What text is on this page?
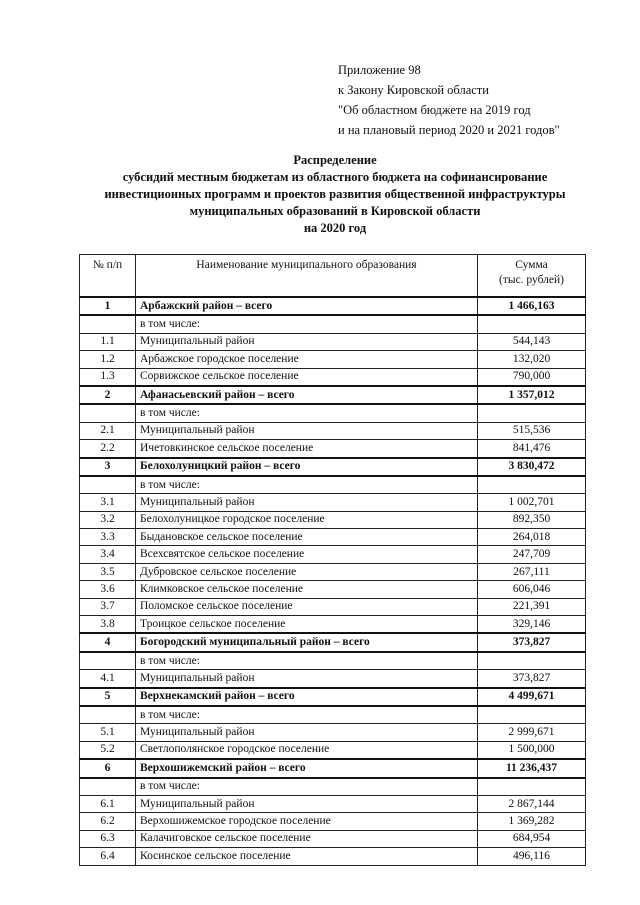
Приложение 98
к Закону Кировской области
"Об областном бюджете на 2019 год
и на плановый период 2020 и 2021 годов"
Распределение
субсидий местным бюджетам из областного бюджета на софинансирование
инвестиционных программ и проектов развития общественной инфраструктуры
муниципальных образований в Кировской области
на 2020 год
№ п/п	Наименование муниципального образования	Сумма
(тыс. рублей)

1	Арбажский район – всего	1 466,163
	в том числе:	
1.1	Муниципальный район	544,143
1.2	Арбажское городское поселение	132,020
1.3	Сорвижское сельское поселение	790,000
2	Афанасьевский район – всего	1 357,012
	в том числе:	
2.1	Муниципальный район	515,536
2.2	Ичетовкинское сельское поселение	841,476
3	Белохолуницкий район – всего	3 830,472
	в том числе:	
3.1	Муниципальный район	1 002,701
3.2	Белохолуницкое городское поселение	892,350
3.3	Быдановское сельское поселение	264,018
3.4	Всехсвятское сельское поселение	247,709
3.5	Дубровское сельское поселение	267,111
3.6	Климковское сельское поселение	606,046
3.7	Поломское сельское поселение	221,391
3.8	Троицкое сельское поселение	329,146
4	Богородский муниципальный район – всего	373,827
	в том числе:	
4.1	Муниципальный район	373,827
5	Верхнекамский район – всего	4 499,671
	в том числе:	
5.1	Муниципальный район	2 999,671
5.2	Светлополянское городское поселение	1 500,000
6	Верхошижемский район – всего	11 236,437
	в том числе:	
6.1	Муниципальный район	2 867,144
6.2	Верхошижемское городское поселение	1 369,282
6.3	Калачиговское сельское поселение	684,954
6.4	Косинское сельское поселение	496,116
